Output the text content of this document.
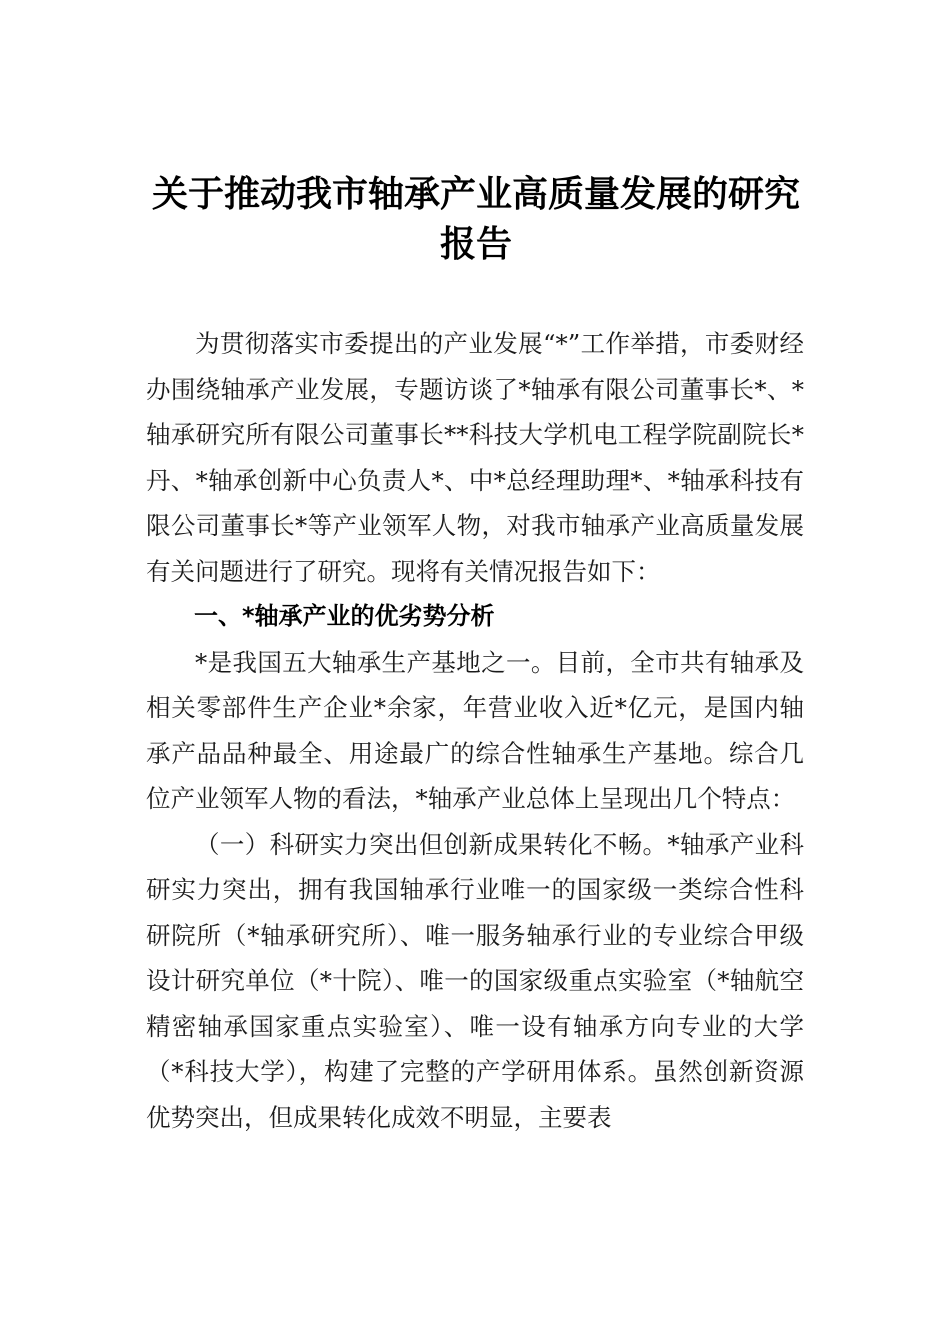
关于推动我市轴承产业高质量发展的研究
报告

为贯彻落实市委提出的产业发展“*”工作举措，市委财经办围绕轴承产业发展，专题访谈了*轴承有限公司董事长*、*轴承研究所有限公司董事长**科技大学机电工程学院副院长*丹、*轴承创新中心负责人*、中*总经理助理*、*轴承科技有限公司董事长*等产业领军人物，对我市轴承产业高质量发展有关问题进行了研究。现将有关情况报告如下：

一、*轴承产业的优劣势分析

*是我国五大轴承生产基地之一。目前，全市共有轴承及相关零部件生产企业*余家，年营业收入近*亿元，是国内轴承产品品种最全、用途最广的综合性轴承生产基地。综合几位产业领军人物的看法，*轴承产业总体上呈现出几个特点：

（一）科研实力突出但创新成果转化不畅。*轴承产业科研实力突出，拥有我国轴承行业唯一的国家级一类综合性科研院所（*轴承研究所）、唯一服务轴承行业的专业综合甲级设计研究单位（*十院）、唯一的国家级重点实验室（*轴航空精密轴承国家重点实验室）、唯一设有轴承方向专业的大学（*科技大学），构建了完整的产学研用体系。虽然创新资源优势突出，但成果转化成效不明显，主要表
